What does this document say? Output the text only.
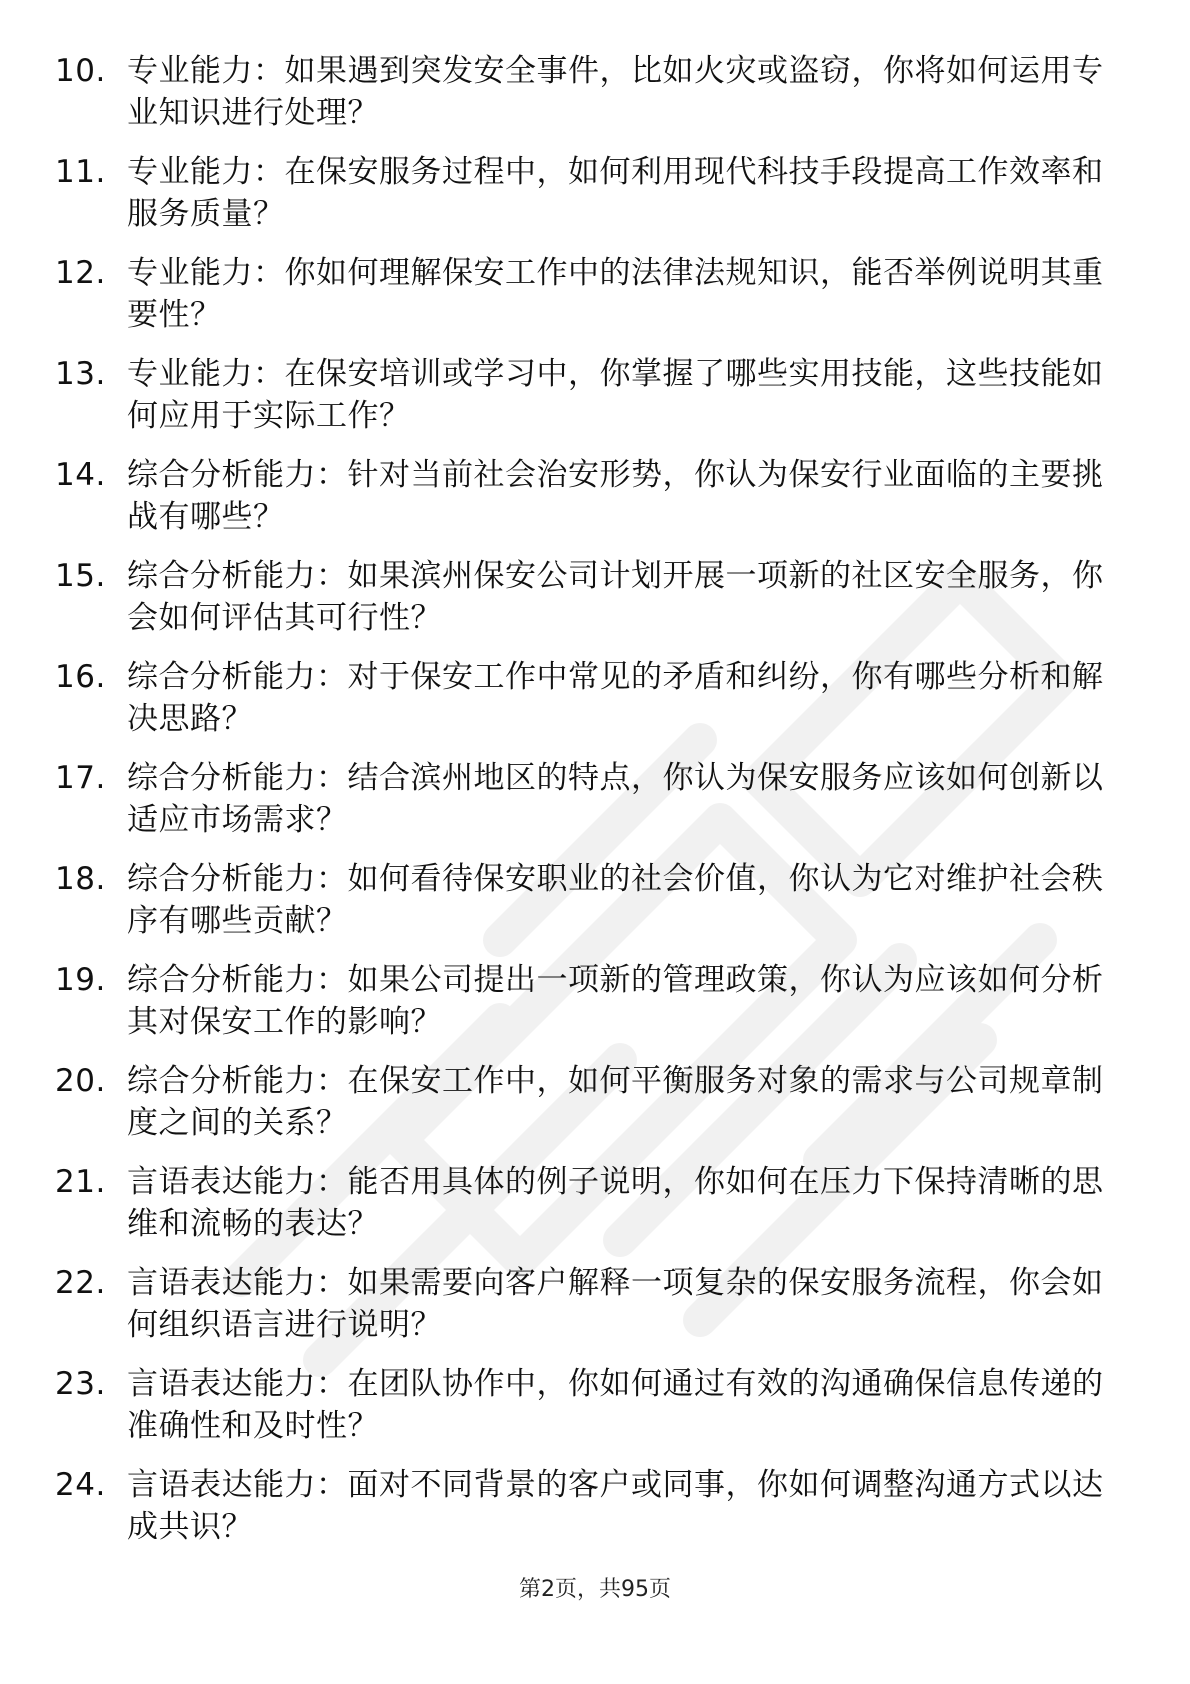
10. 专业能力：如果遇到突发安全事件，比如火灾或盗窃，你将如何运用专业知识进行处理？
11. 专业能力：在保安服务过程中，如何利用现代科技手段提高工作效率和服务质量？
12. 专业能力：你如何理解保安工作中的法律法规知识，能否举例说明其重要性？
13. 专业能力：在保安培训或学习中，你掌握了哪些实用技能，这些技能如何应用于实际工作？
14. 综合分析能力：针对当前社会治安形势，你认为保安行业面临的主要挑战有哪些？
15. 综合分析能力：如果滨州保安公司计划开展一项新的社区安全服务，你会如何评估其可行性？
16. 综合分析能力：对于保安工作中常见的矛盾和纠纷，你有哪些分析和解决思路？
17. 综合分析能力：结合滨州地区的特点，你认为保安服务应该如何创新以适应市场需求？
18. 综合分析能力：如何看待保安职业的社会价值，你认为它对维护社会秩序有哪些贡献？
19. 综合分析能力：如果公司提出一项新的管理政策，你认为应该如何分析其对保安工作的影响？
20. 综合分析能力：在保安工作中，如何平衡服务对象的需求与公司规章制度之间的关系？
21. 言语表达能力：能否用具体的例子说明，你如何在压力下保持清晰的思维和流畅的表达？
22. 言语表达能力：如果需要向客户解释一项复杂的保安服务流程，你会如何组织语言进行说明？
23. 言语表达能力：在团队协作中，你如何通过有效的沟通确保信息传递的准确性和及时性？
24. 言语表达能力：面对不同背景的客户或同事，你如何调整沟通方式以达成共识？
第2页，共95页
